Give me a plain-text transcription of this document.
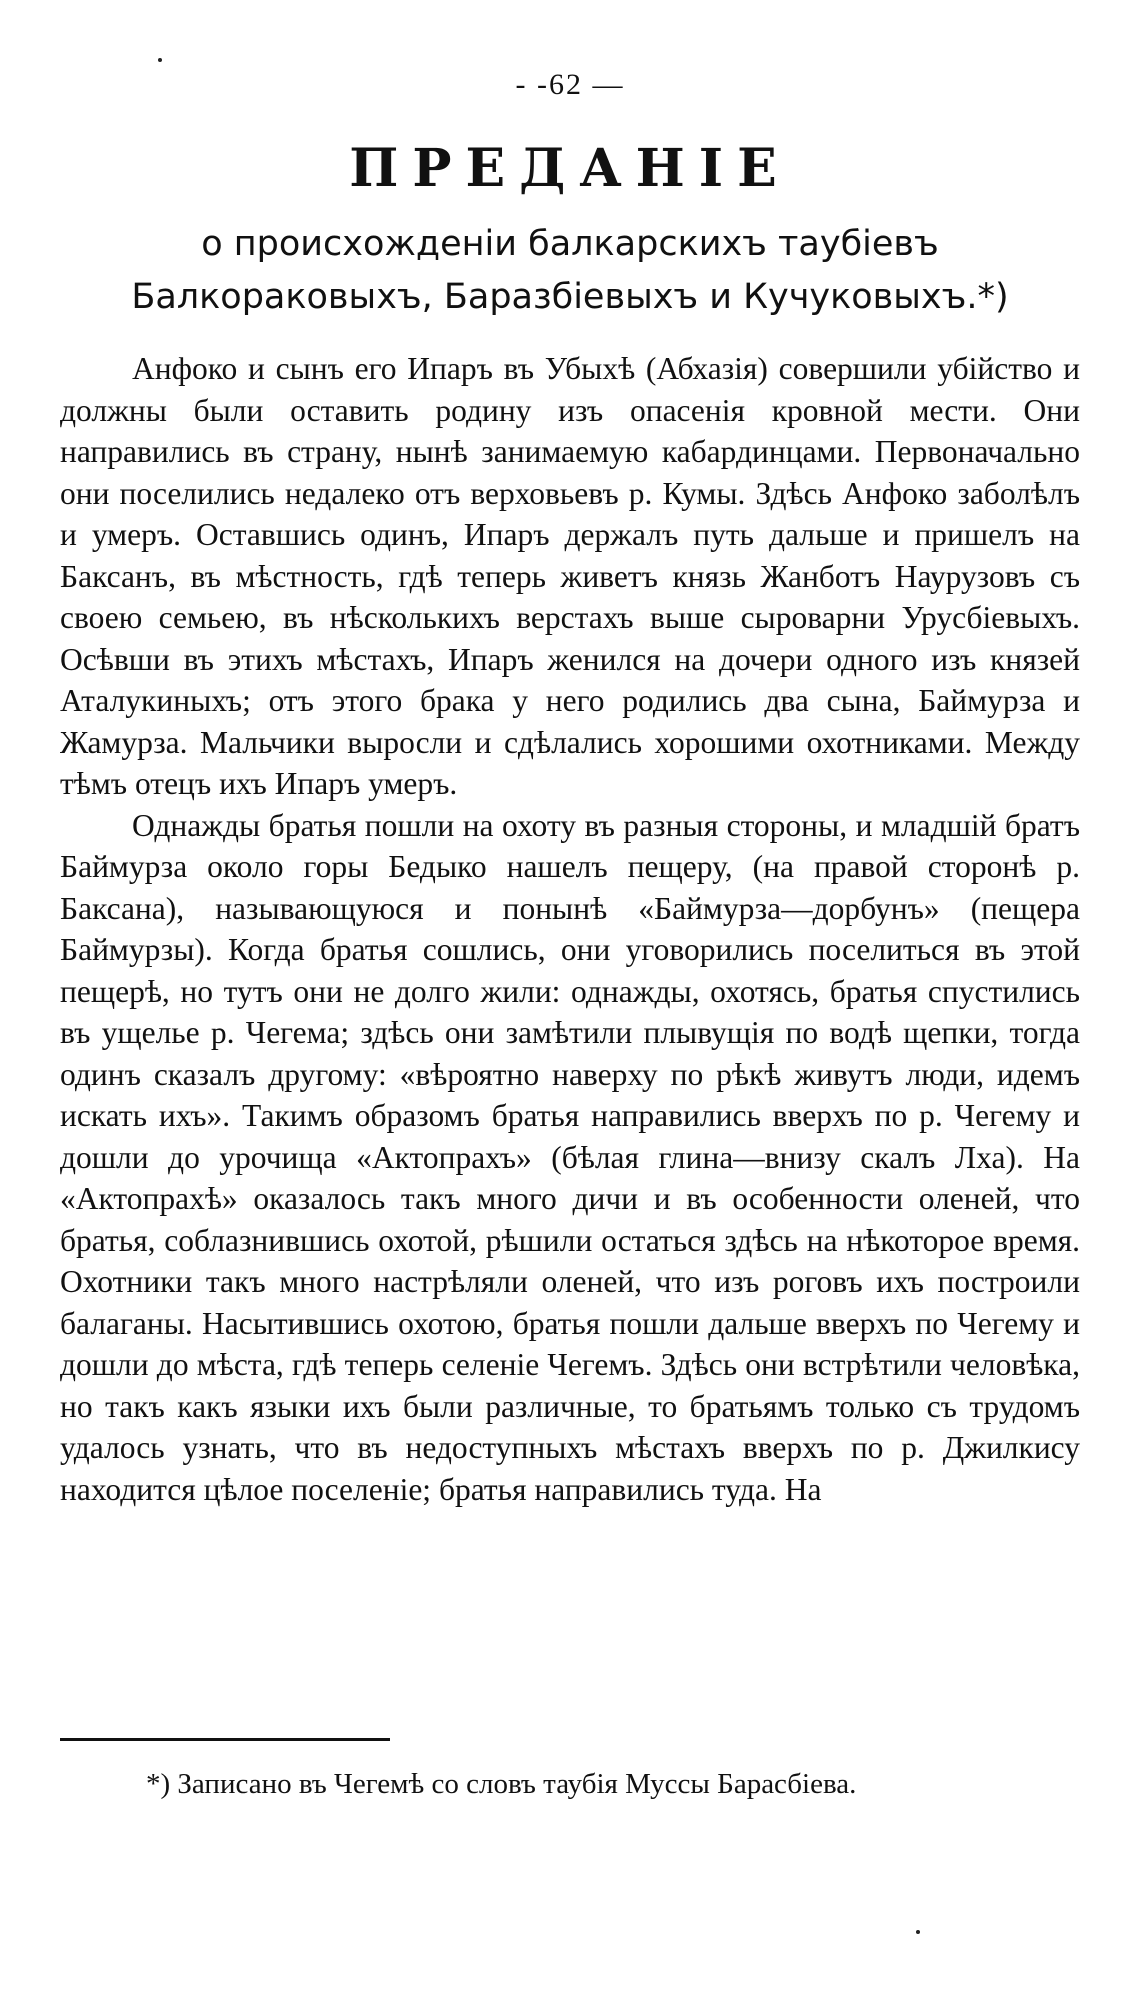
- -62 —
ПРЕДАНІЕ
о происхожденіи балкарскихъ таубіевъ Балкораковыхъ, Баразбіевыхъ и Кучуковыхъ.*)

Анфоко и сынъ его Ипаръ въ Убыхѣ (Абхазія) совершили убійство и должны были оставить родину изъ опасенія кровной мести. Они направились въ страну, нынѣ занимаемую кабардинцами. Первоначально они поселились недалеко отъ верховьевъ р. Кумы. Здѣсь Анфоко заболѣлъ и умеръ. Оставшись одинъ, Ипаръ держалъ путь дальше и пришелъ на Баксанъ, въ мѣстность, гдѣ теперь живетъ князь Жанботъ Наурузовъ съ своею семьею, въ нѣсколькихъ верстахъ выше сыроварни Урусбіевыхъ. Осѣвши въ этихъ мѣстахъ, Ипаръ женился на дочери одного изъ князей Аталукиныхъ; отъ этого брака у него родились два сына, Баймурза и Жамурза. Мальчики выросли и сдѣлались хорошими охотниками. Между тѣмъ отецъ ихъ Ипаръ умеръ.

Однажды братья пошли на охоту въ разныя стороны, и младшій братъ Баймурза около горы Бедыко нашелъ пещеру, (на правой сторонѣ р. Баксана), называющуюся и понынѣ «Баймурза—дорбунъ» (пещера Баймурзы). Когда братья сошлись, они уговорились поселиться въ этой пещерѣ, но тутъ они не долго жили: однажды, охотясь, братья спустились въ ущелье р. Чегема; здѣсь они замѣтили плывущія по водѣ щепки, тогда одинъ сказалъ другому: «вѣроятно наверху по рѣкѣ живутъ люди, идемъ искать ихъ». Такимъ образомъ братья направились вверхъ по р. Чегему и дошли до урочища «Актопрахъ» (бѣлая глина—внизу скалъ Лха). На «Актопрахѣ» оказалось такъ много дичи и въ особенности оленей, что братья, соблазнившись охотой, рѣшили остаться здѣсь на нѣкоторое время. Охотники такъ много настрѣляли оленей, что изъ роговъ ихъ построили балаганы. Насытившись охотою, братья пошли дальше вверхъ по Чегему и дошли до мѣста, гдѣ теперь селеніе Чегемъ. Здѣсь они встрѣтили человѣка, но такъ какъ языки ихъ были различные, то братьямъ только съ трудомъ удалось узнать, что въ недоступныхъ мѣстахъ вверхъ по р. Джилкису находится цѣлое поселеніе; братья направились туда. На

*) Записано въ Чегемѣ со словъ таубія Муссы Барасбіева.
